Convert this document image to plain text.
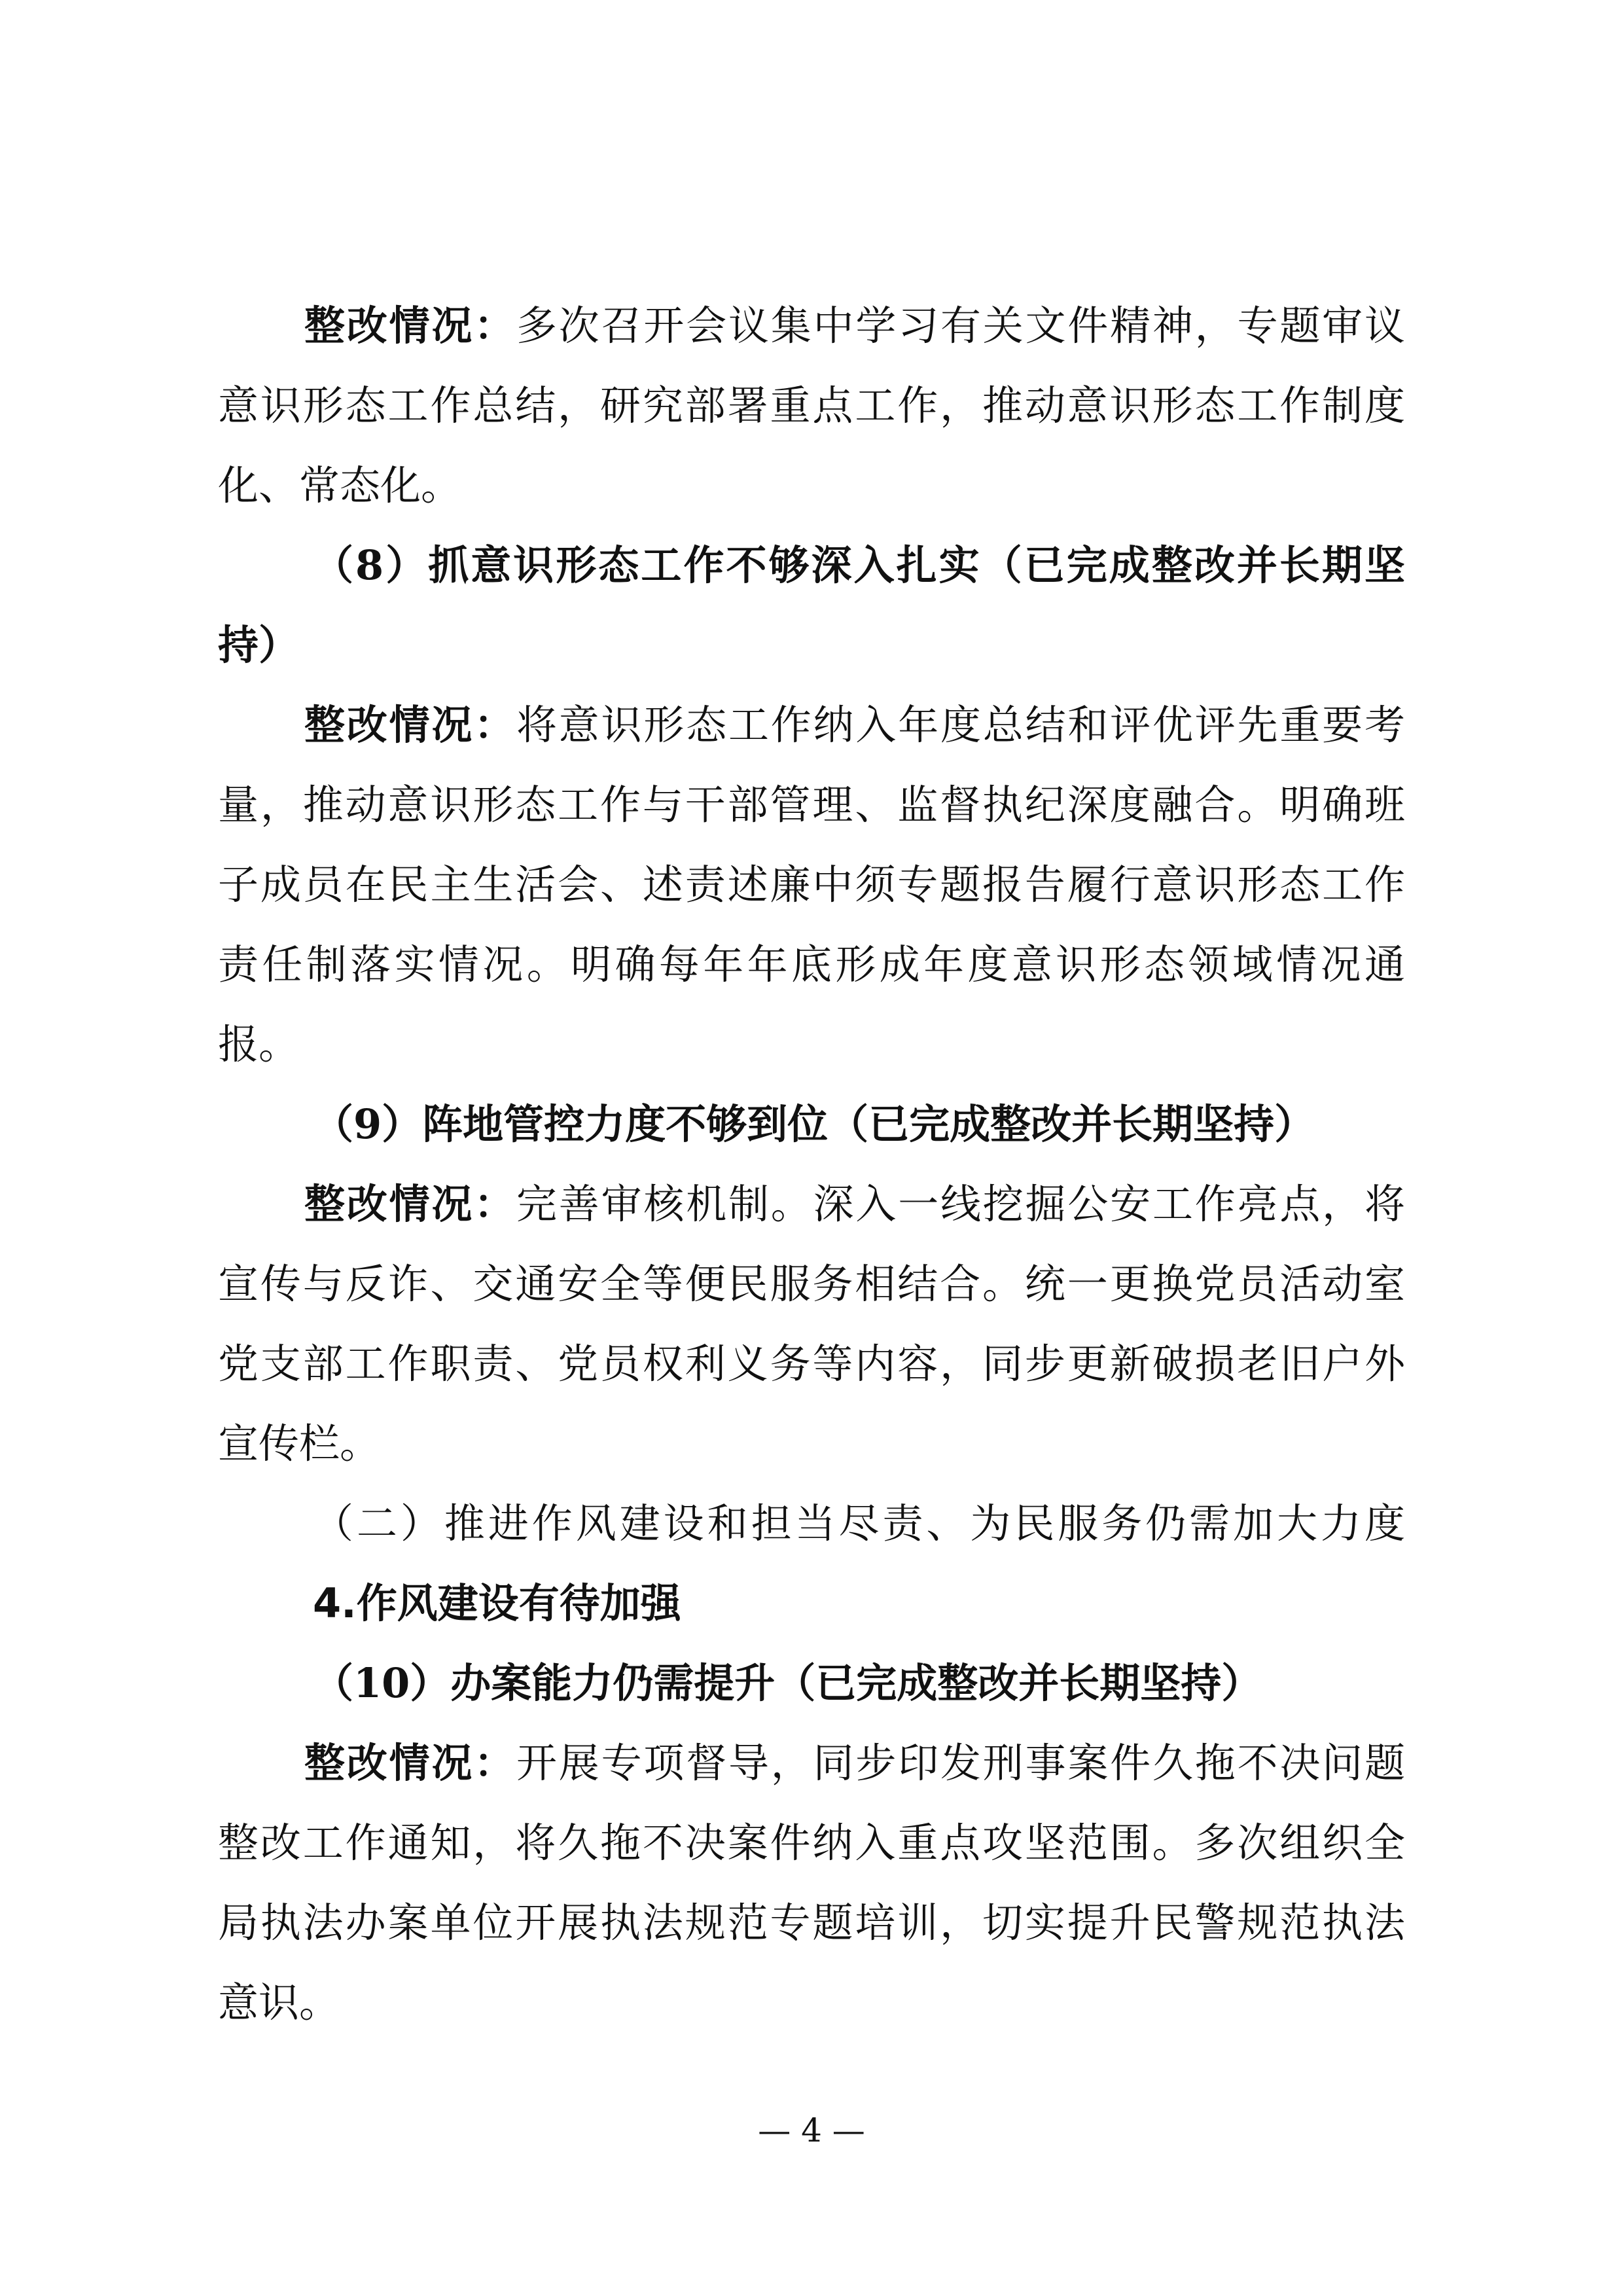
整改情况：多次召开会议集中学习有关文件精神，专题审议
意识形态工作总结，研究部署重点工作，推动意识形态工作制度
化、常态化。
（8）抓意识形态工作不够深入扎实（已完成整改并长期坚
持）
整改情况：将意识形态工作纳入年度总结和评优评先重要考
量，推动意识形态工作与干部管理、监督执纪深度融合。明确班
子成员在民主生活会、述责述廉中须专题报告履行意识形态工作
责任制落实情况。明确每年年底形成年度意识形态领域情况通
报。
（9）阵地管控力度不够到位（已完成整改并长期坚持）
整改情况：完善审核机制。深入一线挖掘公安工作亮点，将
宣传与反诈、交通安全等便民服务相结合。统一更换党员活动室
党支部工作职责、党员权利义务等内容，同步更新破损老旧户外
宣传栏。
（二）推进作风建设和担当尽责、为民服务仍需加大力度
4.作风建设有待加强
（10）办案能力仍需提升（已完成整改并长期坚持）
整改情况：开展专项督导，同步印发刑事案件久拖不决问题
整改工作通知，将久拖不决案件纳入重点攻坚范围。多次组织全
局执法办案单位开展执法规范专题培训，切实提升民警规范执法
意识。
— 4 —
